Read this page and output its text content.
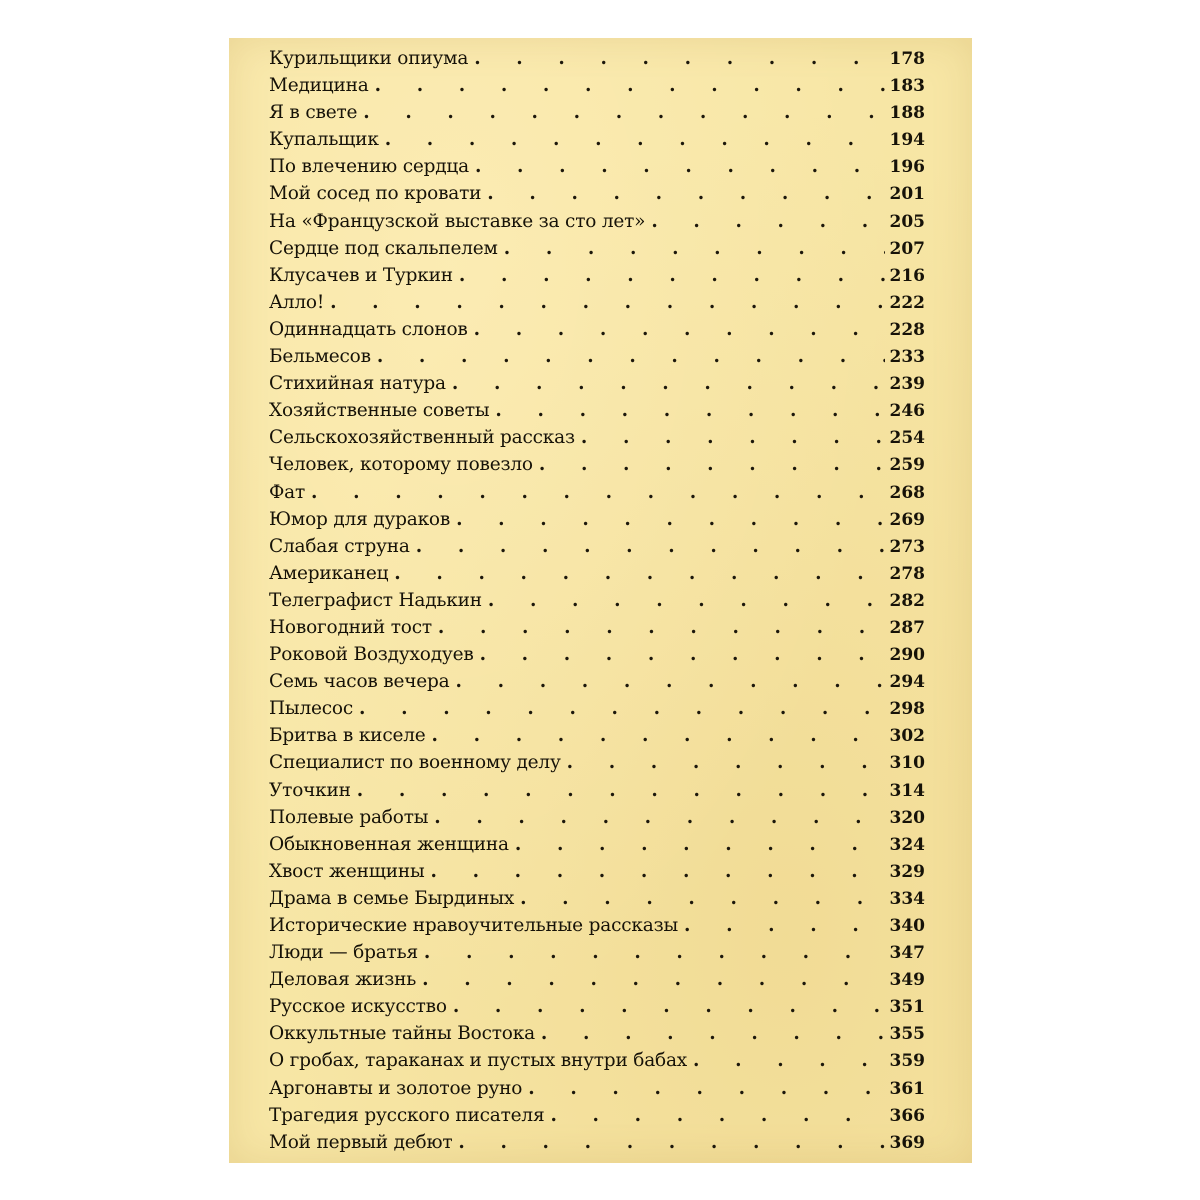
Курильщики опиума . . .	178
Медицина . . .	183
Я в свете . . .	188
Купальщик . . .	194
По влечению сердца . . .	196
Мой сосед по кровати . . .	201
На «Французской выставке за сто лет» . . .	205
Сердце под скальпелем . . .	207
Клусачев и Туркин . . .	216
Алло! . . .	222
Одиннадцать слонов . . .	228
Бельмесов . . .	233
Стихийная натура . . .	239
Хозяйственные советы . . .	246
Сельскохозяйственный рассказ . . .	254
Человек, которому повезло . . .	259
Фат . . .	268
Юмор для дураков . . .	269
Слабая струна . . .	273
Американец . . .	278
Телеграфист Надькин . . .	282
Новогодний тост . . .	287
Роковой Воздуходуев . . .	290
Семь часов вечера . . .	294
Пылесос . . .	298
Бритва в киселе . . .	302
Специалист по военному делу . . .	310
Уточкин . . .	314
Полевые работы . . .	320
Обыкновенная женщина . . .	324
Хвост женщины . . .	329
Драма в семье Бырдиных . . .	334
Исторические нравоучительные рассказы . . .	340
Люди — братья . . .	347
Деловая жизнь . . .	349
Русское искусство . . .	351
Оккультные тайны Востока . . .	355
О гробах, тараканах и пустых внутри бабах . . .	359
Аргонавты и золотое руно . . .	361
Трагедия русского писателя . . .	366
Мой первый дебют . . .	369
